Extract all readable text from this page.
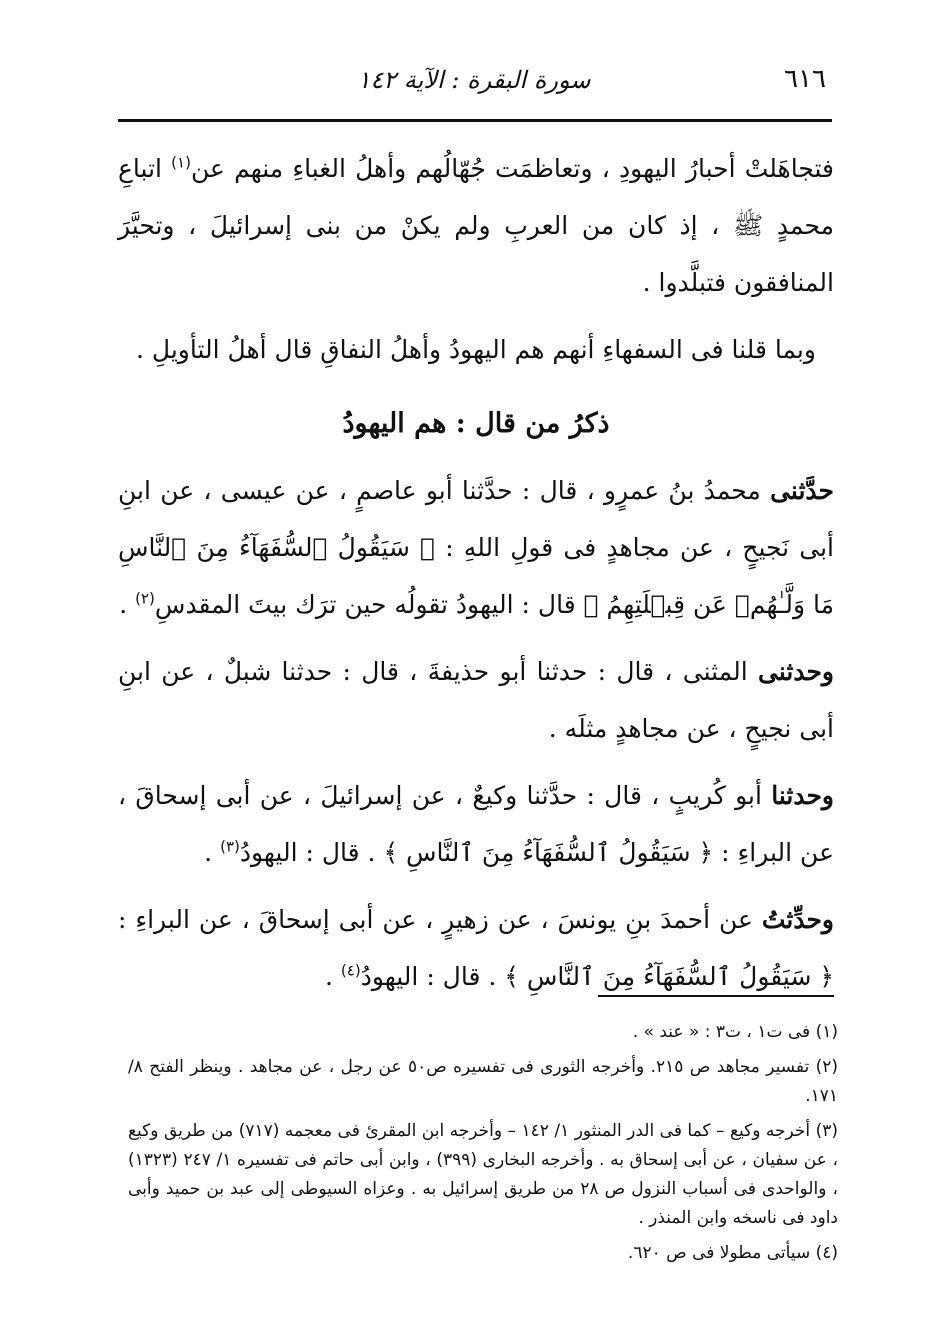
٦١٦
سورة البقرة : الآية ١٤٢

فتجاهَلتْ أحبارُ اليهودِ ، وتعاظمَت جُهّالُهم وأهلُ الغباءِ منهم عن$^{(١)}$ اتباعِ محمدٍ ﷺ ، إذ كان من العربِ ولم يكنْ من بنى إسرائيلَ ، وتحيَّرَ المنافقون فتبلَّدوا .

وبما قلنا فى السفهاءِ أنهم هم اليهودُ وأهلُ النفاقِ قال أهلُ التأويلِ .

ذكرُ من قال : هم اليهودُ

حدَّثنى محمدُ بنُ عمرٍو ، قال : حدَّثنا أبو عاصمٍ ، عن عيسى ، عن ابنِ أبى نَجيحٍ ، عن مجاهدٍ فى قولِ اللهِ : ﴿ سَيَقُولُ ٱلسُّفَهَآءُ مِنَ ٱلنَّاسِ مَا وَلَّـٰهُمۡ عَن قِبۡلَتِهِمُ ﴾ قال : اليهودُ تقولُه حين ترَك بيتَ المقدسِ$^{(٢)}$ .

وحدثنى المثنى ، قال : حدثنا أبو حذيفةَ ، قال : حدثنا شبلٌ ، عن ابنِ أبى نجيحٍ ، عن مجاهدٍ مثلَه .

وحدثنا أبو كُريبٍ ، قال : حدَّثنا وكيعٌ ، عن إسرائيلَ ، عن أبى إسحاقَ ، عن البراءِ : ﴿ سَيَقُولُ ٱلسُّفَهَآءُ مِنَ ٱلنَّاسِ ﴾ . قال : اليهودُ$^{(٣)}$ .

وحدِّثتُ عن أحمدَ بنِ يونسَ ، عن زهيرٍ ، عن أبى إسحاقَ ، عن البراءِ : ﴿ سَيَقُولُ ٱلسُّفَهَآءُ مِنَ ٱلنَّاسِ ﴾ . قال : اليهودُ$^{(٤)}$ .

(١) فى ت١ ، ت٣ : « عند » .

(٢) تفسير مجاهد ص ٢١٥. وأخرجه الثورى فى تفسيره ص٥٠ عن رجل ، عن مجاهد . وينظر الفتح ٨/ ١٧١.

(٣) أخرجه وكيع – كما فى الدر المنثور ١/ ١٤٢ – وأخرجه ابن المقرئ فى معجمه (٧١٧) من طريق وكيع ، عن سفيان ، عن أبى إسحاق به . وأخرجه البخارى (٣٩٩) ، وابن أبى حاتم فى تفسيره ١/ ٢٤٧ (١٣٢٣) ، والواحدى فى أسباب النزول ص ٢٨ من طريق إسرائيل به . وعزاه السيوطى إلى عبد بن حميد وأبى داود فى ناسخه وابن المنذر .

(٤) سيأتى مطولا فى ص ٦٢٠.
